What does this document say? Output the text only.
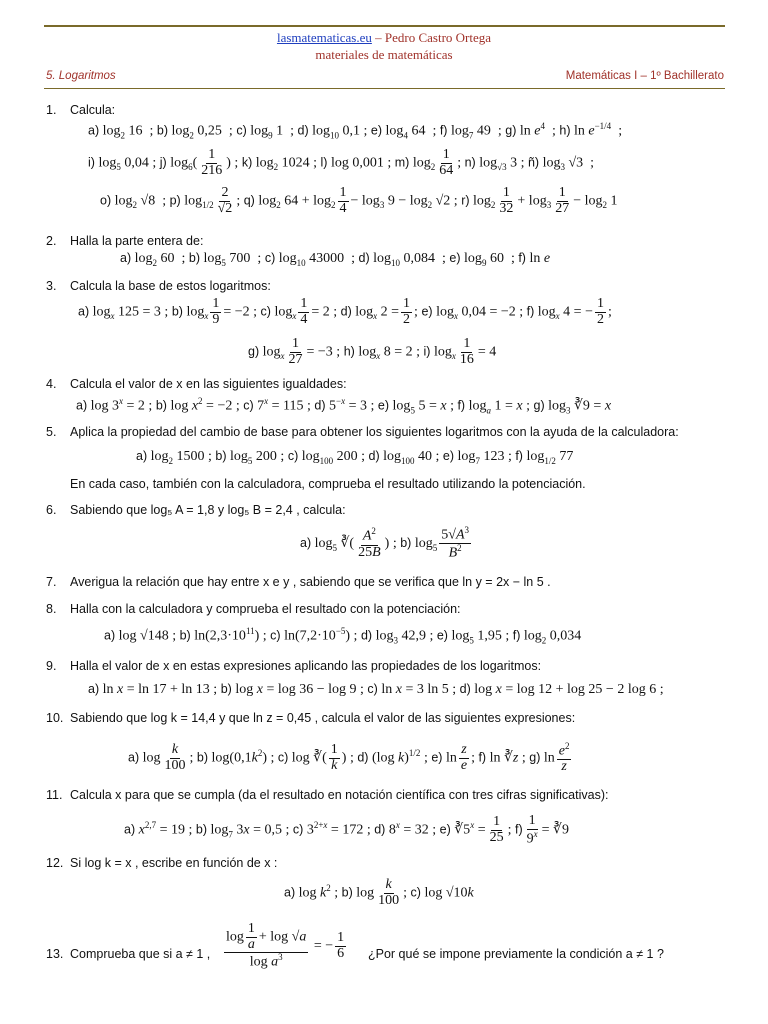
lasmatematicas.eu – Pedro Castro Ortega
materiales de matemáticas
5. Logaritmos	Matemáticas I – 1º Bachillerato
1. Calcula:
a) $\log_2 16$  ; b) $\log_2 0,25$  ; c) $\log_9 1$  ; d) $\log_{10} 0,1$ ; e) $\log_4 64$  ; f) $\log_7 49$  ; g) $\ln e^4$  ; h) $\ln e^{-1/4}$  ;
i) $\log_5 0,04$ ; j) $\log_6( \frac{1}{216}$ ) ; k) $\log_2 1024$ ; l) log 0,001 ; m) $\log_2 \frac{1}{64}$ ; n) $\log_{√3} 3$ ; ñ) $\log_3 √3$  ;
o) $\log_2 √8$  ; p) $\log_{1/2} \frac{2}{√2}$ ; q) $\log_2 64 + \log_2 \frac{1}{4} - \log_3 9 - \log_2 √2$ ; r) $\log_2 \frac{1}{32} + \log_3 \frac{1}{27} - \log_2 1$
2. Halla la parte entera de:
a) $\log_2 60$  ; b) $\log_5 700$  ; c) $\log_{10} 43000$  ; d) $\log_{10} 0,084$  ; e) $\log_9 60$  ; f) ln e
3. Calcula la base de estos logaritmos:
a) $\log_x 125 = 3$ ; b) $\log_x \frac{1}{9} = -2$ ; c) $\log_x \frac{1}{4} = 2$ ; d) $\log_x 2 = \frac{1}{2}$ ; e) $\log_x 0,04 = -2$ ; f) $\log_x 4$ = − $\frac{1}{2}$ ;
g) $\log_x \frac{1}{27} = -3$ ; h) $\log_x 8 = 2$ ; i) $\log_x \frac{1}{16} = 4$
4. Calcula el valor de x en las siguientes igualdades:
a) $\log 3^x = 2$ ; b) $\log x^2 = -2$ ; c) $7^x = 115$ ; d) $5^{-x} = 3$ ; e) $\log_5 5 = x$ ; f) $\log_a 1 = x$ ; g) $\log_3$ ∛9 = x
5. Aplica la propiedad del cambio de base para obtener los siguientes logaritmos con la ayuda de la calculadora:
a) $\log_2 1500$ ; b) $\log_5 200$ ; c) $\log_{100} 200$ ; d) $\log_{100} 40$ ; e) $\log_7 123$ ; f) $\log_{1/2} 77$
En cada caso, también con la calculadora, comprueba el resultado utilizando la potenciación.
6. Sabiendo que log₅ A = 1,8 y log₅ B = 2,4 , calcula:
a) $\log_5$ ∛( $\frac{A^2}{25B}$ ) ; b) $\log_5 \frac{5√A^3}{B^2}$
7. Averigua la relación que hay entre x e y , sabiendo que se verifica que ln y = 2x − ln 5 .
8. Halla con la calculadora y comprueba el resultado con la potenciación:
a) log √148 ; b) $\ln(2,3\cdot 10^{11})$ ; c) $\ln(7,2\cdot 10^{-5})$ ; d) $\log_3 42,9$ ; e) $\log_5 1,95$ ; f) $\log_2 0,034$
9. Halla el valor de x en estas expresiones aplicando las propiedades de los logaritmos:
a) ln x = ln 17 + ln 13 ; b) log x = log 36 − log 9 ; c) ln x = 3 ln 5 ; d) log x = log 12 + log 25 − 2 log 6 ;
10. Sabiendo que log k = 14,4 y que ln z = 0,45 , calcula el valor de las siguientes expresiones:
a) $\log \frac{k}{100}$ ; b) $\log(0,1k^2)$ ; c) log ∛( $\frac{1}{k}$ ) ; d) (log k)$^{1/2}$ ; e) $\ln \frac{z}{e}$ ; f) ln ∛z ; g) $\ln \frac{e^2}{z}$
11. Calcula x para que se cumpla (da el resultado en notación científica con tres cifras significativas):
a) $x^{2,7} = 19$ ; b) $\log_7 3x = 0,5$ ; c) $3^{2+x} = 172$ ; d) $8^x = 32$ ; e) $∛5^x = \frac{1}{25}$ ; $f) \frac{1}{9^x}$ = ∛9
12. Si log k = x , escribe en función de x :
a) $\log k^2$ ; b) $\log \frac{k}{100}$ ; c) log √10k
13. Comprueba que si a ≠ 1 , $\frac{\log \frac{1}{a} + \log √a}{\log a^3}$ = − $\frac{1}{6}$ ¿Por qué se impone previamente la condición a ≠ 1 ?
